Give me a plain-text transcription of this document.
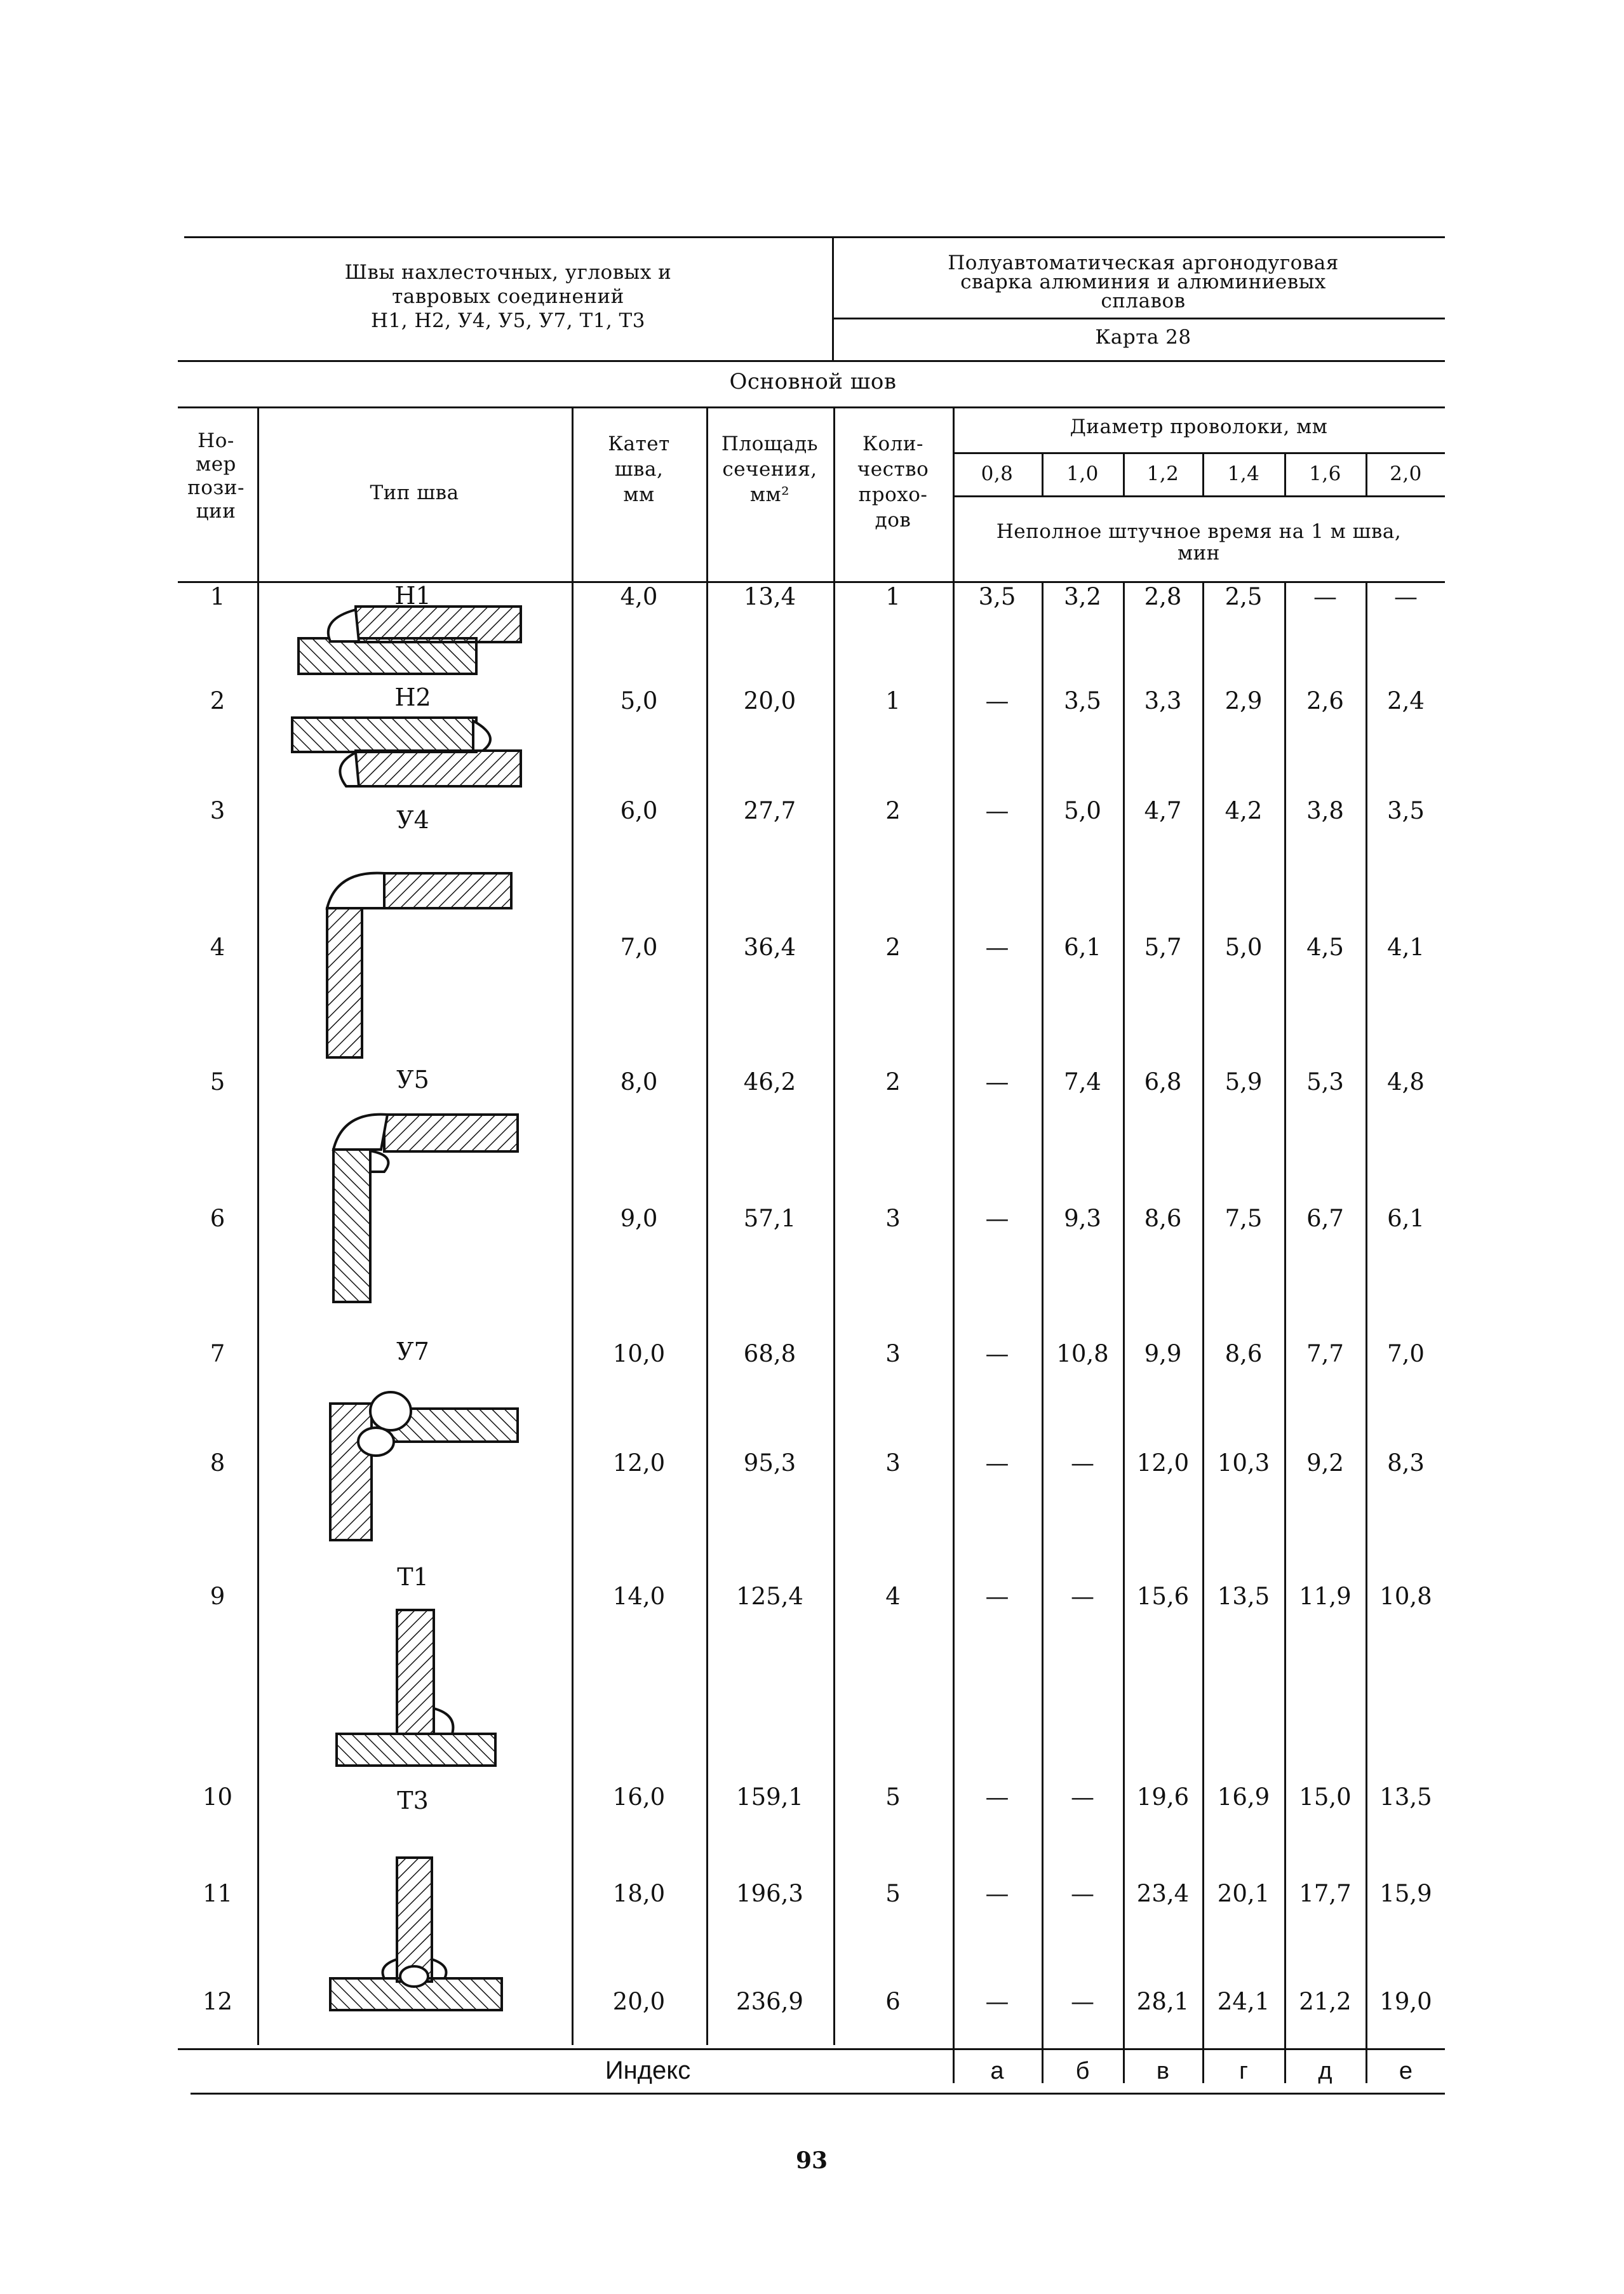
Швы нахлесточных, угловых и
тавровых соединений
Н1, Н2, У4, У5, У7, Т1, Т3
Полуавтоматическая аргонодуговая
сварка алюминия и алюминиевых
сплавов
Карта 28
Основной шов
Но-
мер
пози-
ции
Тип шва
Катет
шва,
мм
Площадь
сечения,
мм²
Коли-
чество
прохо-
дов
Диаметр проволоки, мм
0,8	1,0	1,2	1,4	1,6	2,0
Неполное штучное время на 1 м шва,
мин
Н1
Н2
У4
У5
У7
Т1
Т3
1	4,0	13,4	1	3,5	3,2	2,8	2,5	—	—
2	5,0	20,0	1	—	3,5	3,3	2,9	2,6	2,4
3	6,0	27,7	2	—	5,0	4,7	4,2	3,8	3,5
4	7,0	36,4	2	—	6,1	5,7	5,0	4,5	4,1
5	8,0	46,2	2	—	7,4	6,8	5,9	5,3	4,8
6	9,0	57,1	3	—	9,3	8,6	7,5	6,7	6,1
7	10,0	68,8	3	—	10,8	9,9	8,6	7,7	7,0
8	12,0	95,3	3	—	—	12,0	10,3	9,2	8,3
9	14,0	125,4	4	—	—	15,6	13,5	11,9	10,8
10	16,0	159,1	5	—	—	19,6	16,9	15,0	13,5
11	18,0	196,3	5	—	—	23,4	20,1	17,7	15,9
12	20,0	236,9	6	—	—	28,1	24,1	21,2	19,0
Индекс	а	б	в	г	д	е
93
